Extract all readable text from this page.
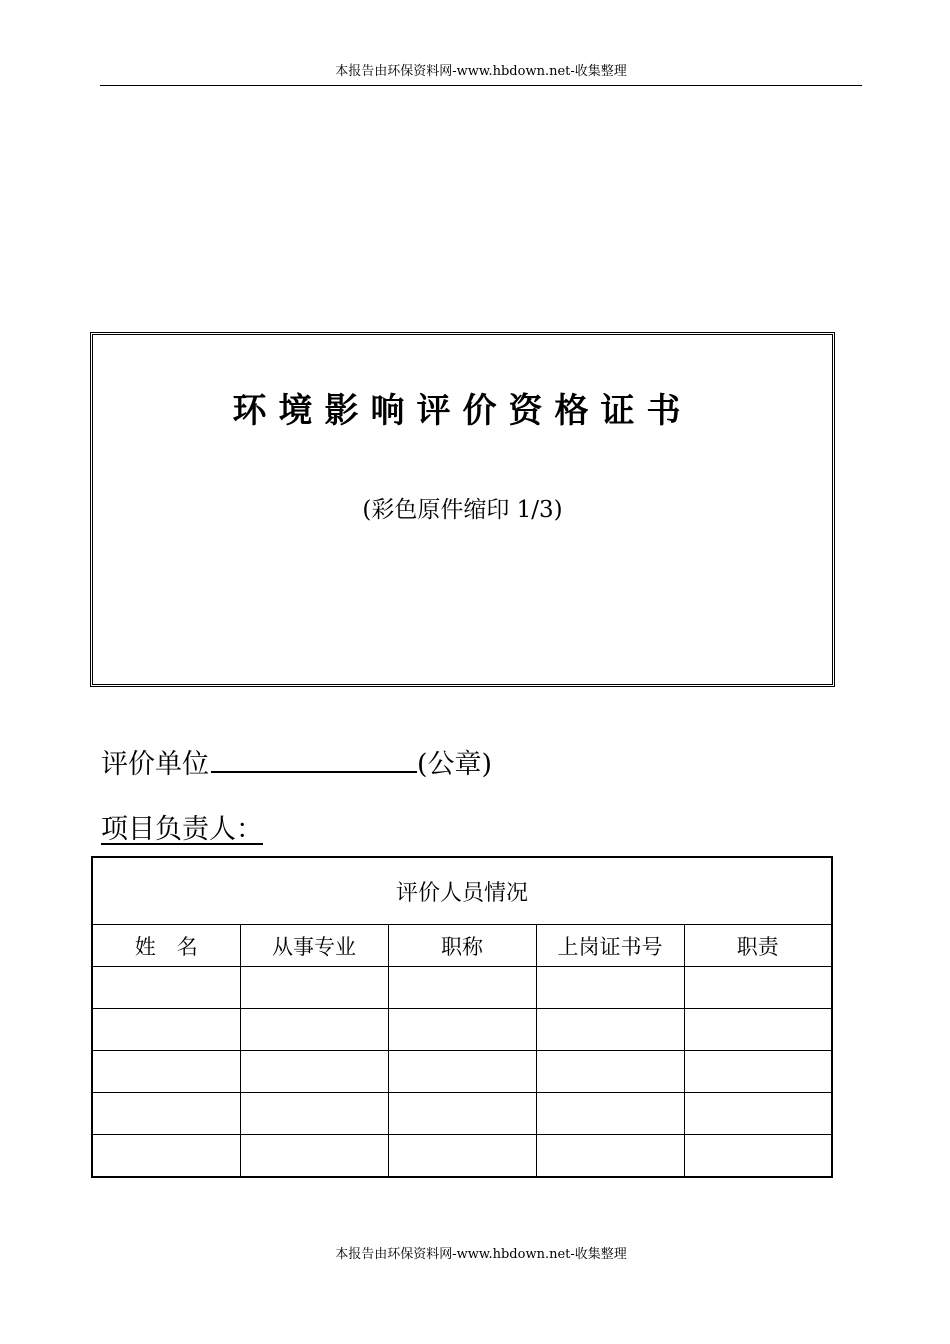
本报告由环保资料网-www.hbdown.net-收集整理
环境影响评价资格证书
(彩色原件缩印 1/3)
评价单位	(公章)
项目负责人：
评价人员情况				
姓　名	从事专业	职称	上岗证书号	职责

本报告由环保资料网-www.hbdown.net-收集整理
